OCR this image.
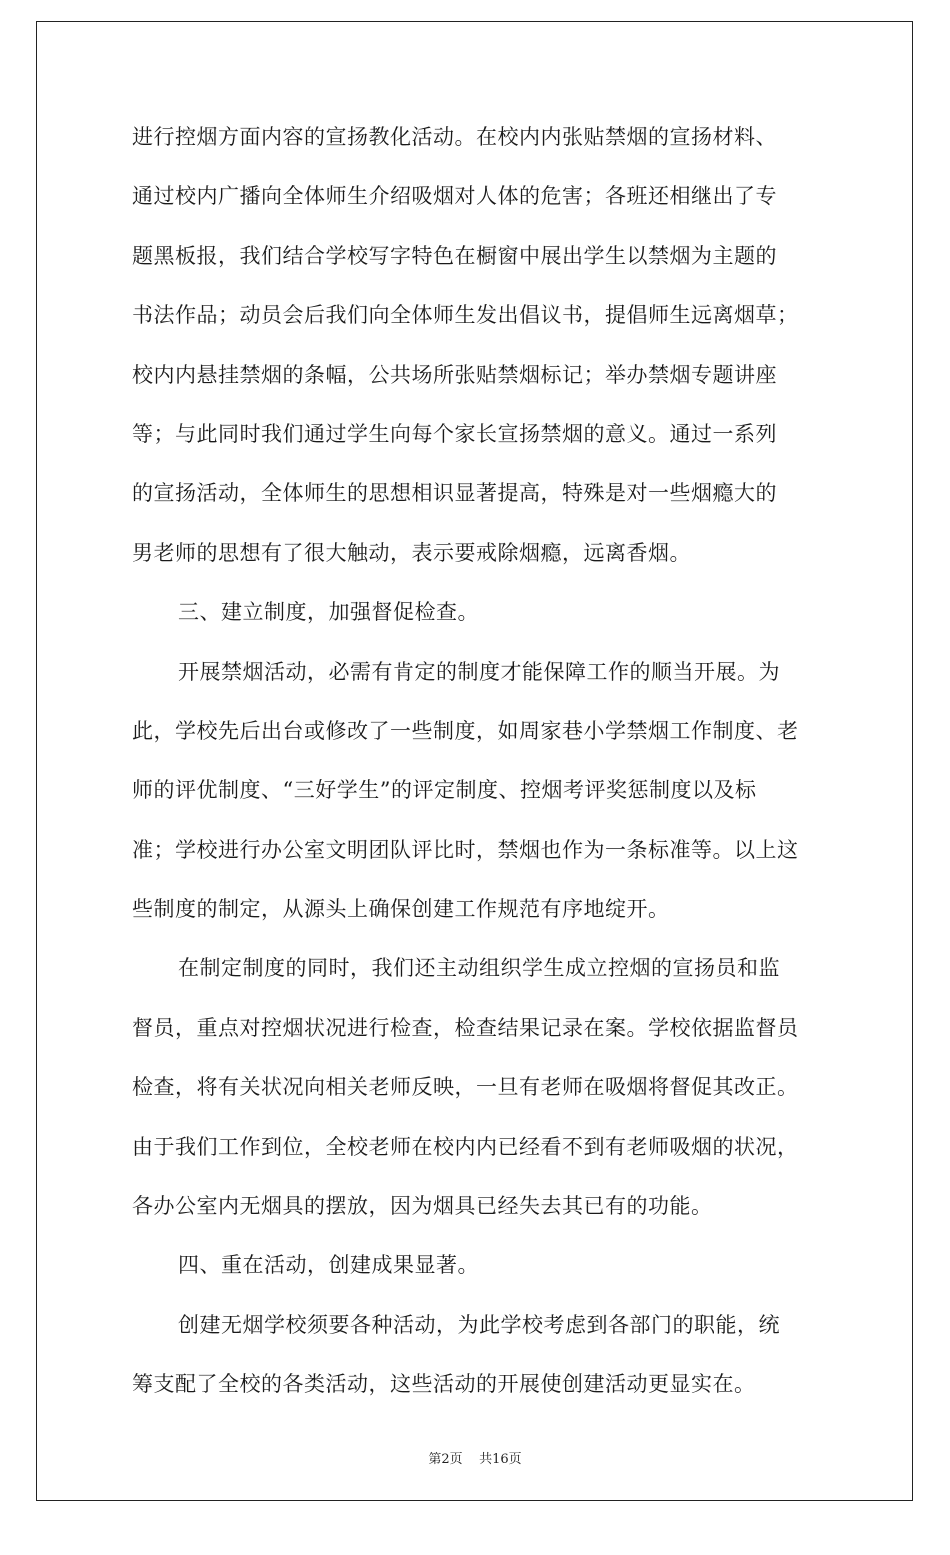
进行控烟方面内容的宣扬教化活动。在校内内张贴禁烟的宣扬材料、
通过校内广播向全体师生介绍吸烟对人体的危害；各班还相继出了专
题黑板报，我们结合学校写字特色在橱窗中展出学生以禁烟为主题的
书法作品；动员会后我们向全体师生发出倡议书，提倡师生远离烟草；
校内内悬挂禁烟的条幅，公共场所张贴禁烟标记；举办禁烟专题讲座
等；与此同时我们通过学生向每个家长宣扬禁烟的意义。通过一系列
的宣扬活动，全体师生的思想相识显著提高，特殊是对一些烟瘾大的
男老师的思想有了很大触动，表示要戒除烟瘾，远离香烟。
三、建立制度，加强督促检查。
开展禁烟活动，必需有肯定的制度才能保障工作的顺当开展。为
此，学校先后出台或修改了一些制度，如周家巷小学禁烟工作制度、老
师的评优制度、“三好学生”的评定制度、控烟考评奖惩制度以及标
准；学校进行办公室文明团队评比时，禁烟也作为一条标准等。以上这
些制度的制定，从源头上确保创建工作规范有序地绽开。
在制定制度的同时，我们还主动组织学生成立控烟的宣扬员和监
督员，重点对控烟状况进行检查，检查结果记录在案。学校依据监督员
检查，将有关状况向相关老师反映，一旦有老师在吸烟将督促其改正。
由于我们工作到位，全校老师在校内内已经看不到有老师吸烟的状况，
各办公室内无烟具的摆放，因为烟具已经失去其已有的功能。
四、重在活动，创建成果显著。
创建无烟学校须要各种活动，为此学校考虑到各部门的职能，统
筹支配了全校的各类活动，这些活动的开展使创建活动更显实在。
第2页    共16页
